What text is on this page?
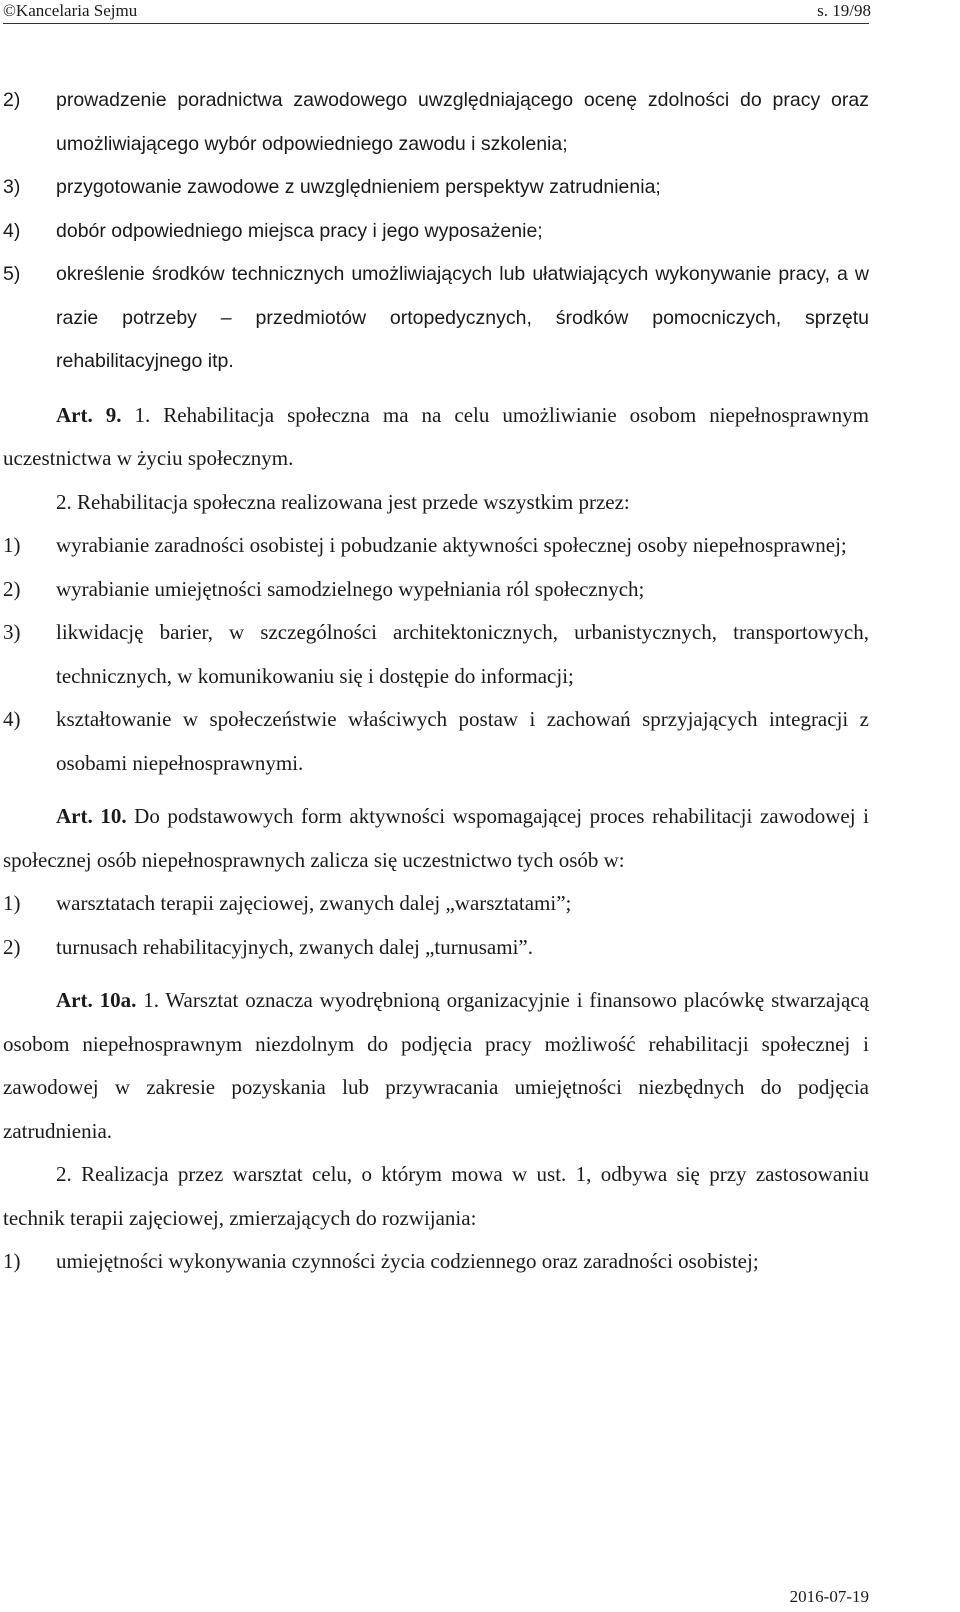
©Kancelaria Sejmu	s. 19/98

2) prowadzenie poradnictwa zawodowego uwzględniającego ocenę zdolności do pracy oraz umożliwiającego wybór odpowiedniego zawodu i szkolenia;

3) przygotowanie zawodowe z uwzględnieniem perspektyw zatrudnienia;

4) dobór odpowiedniego miejsca pracy i jego wyposażenie;

5) określenie środków technicznych umożliwiających lub ułatwiających wykonywanie pracy, a w razie potrzeby – przedmiotów ortopedycznych, środków pomocniczych, sprzętu rehabilitacyjnego itp.

Art. 9. 1. Rehabilitacja społeczna ma na celu umożliwianie osobom niepełnosprawnym uczestnictwa w życiu społecznym.

2. Rehabilitacja społeczna realizowana jest przede wszystkim przez:

1) wyrabianie zaradności osobistej i pobudzanie aktywności społecznej osoby niepełnosprawnej;

2) wyrabianie umiejętności samodzielnego wypełniania ról społecznych;

3) likwidację barier, w szczególności architektonicznych, urbanistycznych, transportowych, technicznych, w komunikowaniu się i dostępie do informacji;

4) kształtowanie w społeczeństwie właściwych postaw i zachowań sprzyjających integracji z osobami niepełnosprawnymi.

Art. 10. Do podstawowych form aktywności wspomagającej proces rehabilitacji zawodowej i społecznej osób niepełnosprawnych zalicza się uczestnictwo tych osób w:

1) warsztatach terapii zajęciowej, zwanych dalej „warsztatami”;

2) turnusach rehabilitacyjnych, zwanych dalej „turnusami”.

Art. 10a. 1. Warsztat oznacza wyodrębnioną organizacyjnie i finansowo placówkę stwarzającą osobom niepełnosprawnym niezdolnym do podjęcia pracy możliwość rehabilitacji społecznej i zawodowej w zakresie pozyskania lub przywracania umiejętności niezbędnych do podjęcia zatrudnienia.

2. Realizacja przez warsztat celu, o którym mowa w ust. 1, odbywa się przy zastosowaniu technik terapii zajęciowej, zmierzających do rozwijania:

1) umiejętności wykonywania czynności życia codziennego oraz zaradności osobistej;

2016-07-19
